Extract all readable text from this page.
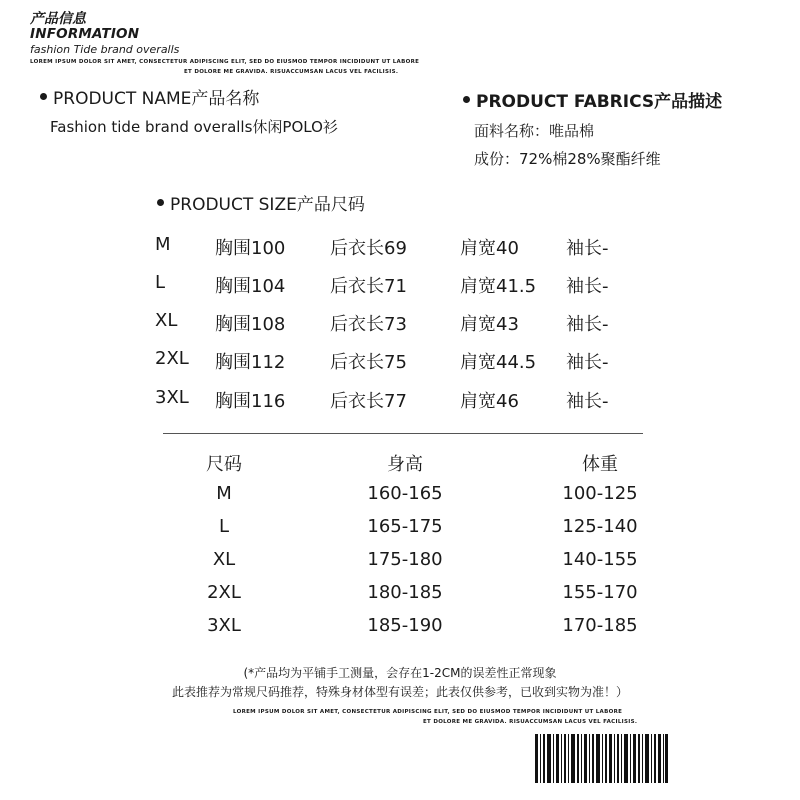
产品信息
INFORMATION
fashion Tide brand overalls
LOREM IPSUM DOLOR SIT AMET, CONSECTETUR ADIPISCING ELIT, SED DO EIUSMOD TEMPOR INCIDIDUNT UT LABORE
ET DOLORE ME GRAVIDA. RISUACCUMSAN LACUS VEL FACILISIS.
PRODUCT NAME产品名称
Fashion tide brand overalls休闲POLO衫
PRODUCT FABRICS产品描述
面料名称：唯品棉
成份：72%棉28%聚酯纤维
PRODUCT SIZE产品尺码
M 胸围100 后衣长69	肩宽40	袖长-
L	胸围104 后衣长71	肩宽41.5 袖长-
XL 胸围108 后衣长73	肩宽43	袖长-
2XL 胸围112 后衣长75	肩宽44.5 袖长-
3XL 胸围116 后衣长77	肩宽46	袖长-
尺码	身高	体重
M	160-165	100-125
L	165-175	125-140
XL	175-180	140-155
2XL	180-185	155-170
3XL	185-190	170-185
(*产品均为平铺手工测量，会存在1-2CM的误差性正常现象
此表推荐为常规尺码推荐，特殊身材体型有误差；此表仅供参考，已收到实物为准！）
LOREM IPSUM DOLOR SIT AMET, CONSECTETUR ADIPISCING ELIT, SED DO EIUSMOD TEMPOR INCIDIDUNT UT LABORE
ET DOLORE ME GRAVIDA. RISUACCUMSAN LACUS VEL FACILISIS.
